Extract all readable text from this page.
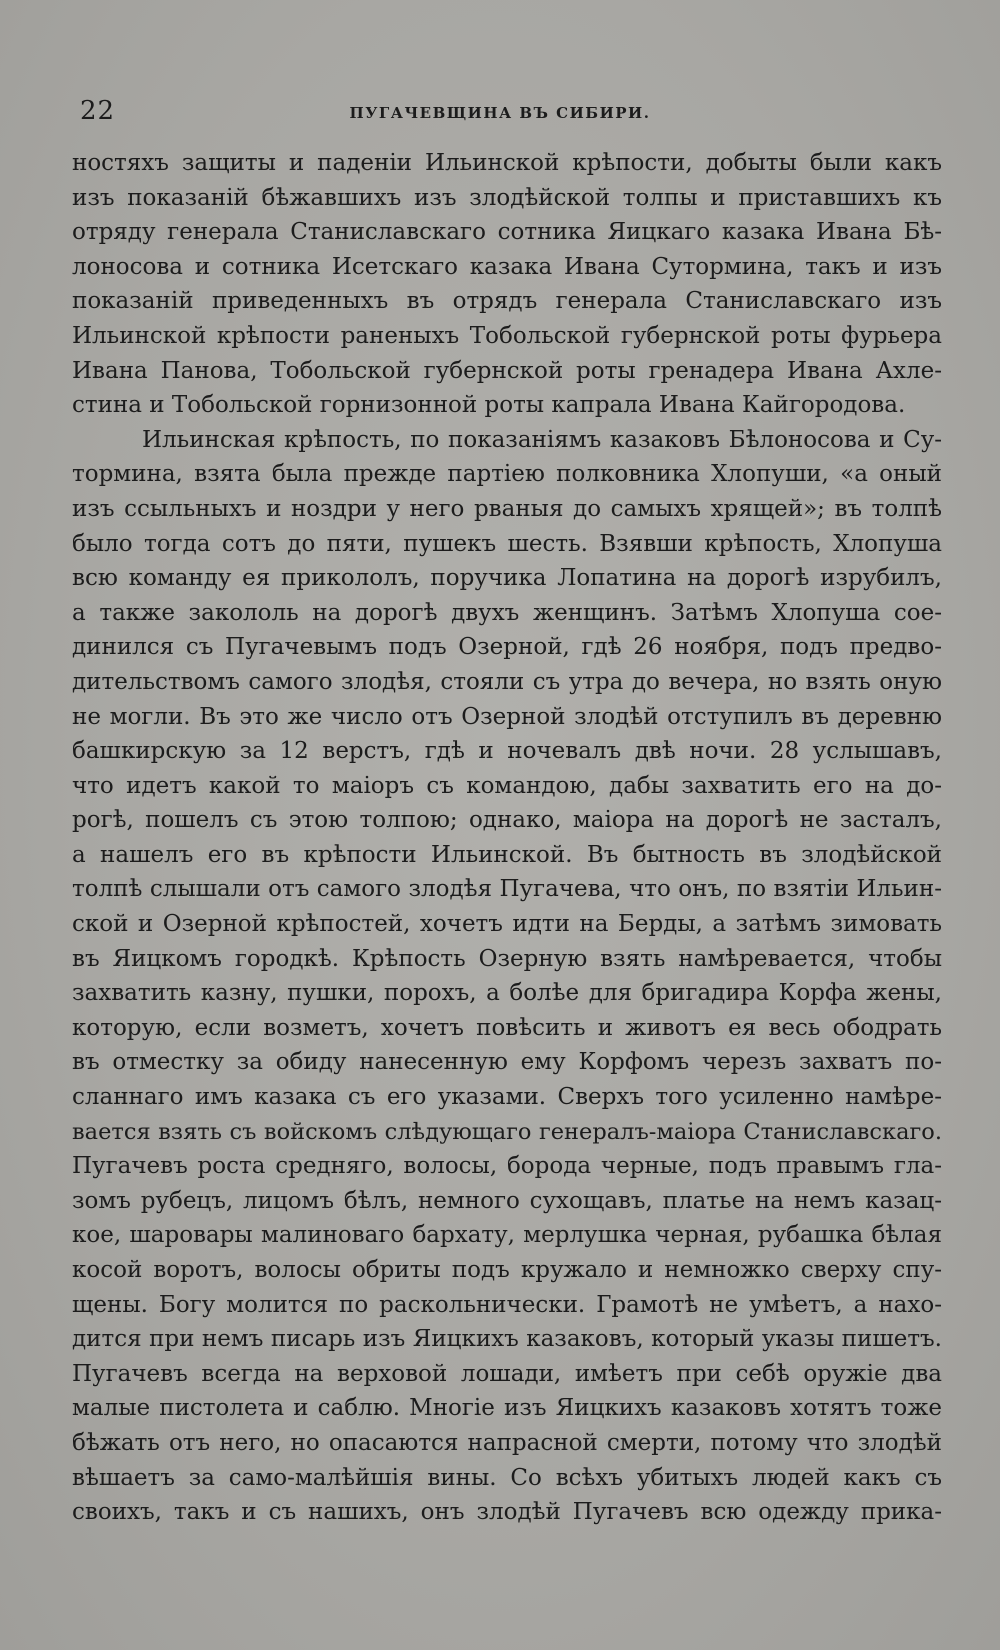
22	ПУГАЧЕВЩИНА ВЪ СИБИРИ.
ностяхъ защиты и паденіи Ильинской крѣпости, добыты были какъ
изъ показаній бѣжавшихъ изъ злодѣйской толпы и приставшихъ къ
отряду генерала Станиславскаго сотника Яицкаго казака Ивана Бѣ-
лоносова и сотника Исетскаго казака Ивана Сутормина, такъ и изъ
показаній приведенныхъ въ отрядъ генерала Станиславскаго изъ
Ильинской крѣпости раненыхъ Тобольской губернской роты фурьера
Ивана Панова, Тобольской губернской роты гренадера Ивана Ахле-
стина и Тобольской горнизонной роты капрала Ивана Кайгородова.
Ильинская крѣпость, по показаніямъ казаковъ Бѣлоносова и Су-
тормина, взята была прежде партіею полковника Хлопуши, «а оный
изъ ссыльныхъ и ноздри у него рваныя до самыхъ хрящей»; въ толпѣ
было тогда сотъ до пяти, пушекъ шесть. Взявши крѣпость, Хлопуша
всю команду ея прикололъ, поручика Лопатина на дорогѣ изрубилъ,
а также закололь на дорогѣ двухъ женщинъ. Затѣмъ Хлопуша сое-
динился съ Пугачевымъ подъ Озерной, гдѣ 26 ноября, подъ предво-
дительствомъ самого злодѣя, стояли съ утра до вечера, но взять оную
не могли. Въ это же число отъ Озерной злодѣй отступилъ въ деревню
башкирскую за 12 верстъ, гдѣ и ночевалъ двѣ ночи. 28 услышавъ,
что идетъ какой то маіоръ съ командою, дабы захватить его на до-
рогѣ, пошелъ съ этою толпою; однако, маіора на дорогѣ не засталъ,
а нашелъ его въ крѣпости Ильинской. Въ бытность въ злодѣйской
толпѣ слышали отъ самого злодѣя Пугачева, что онъ, по взятіи Ильин-
ской и Озерной крѣпостей, хочетъ идти на Берды, а затѣмъ зимовать
въ Яицкомъ городкѣ. Крѣпость Озерную взять намѣревается, чтобы
захватить казну, пушки, порохъ, а болѣе для бригадира Корфа жены,
которую, если возметъ, хочетъ повѣсить и животъ ея весь ободрать
въ отместку за обиду нанесенную ему Корфомъ черезъ захватъ по-
сланнаго имъ казака съ его указами. Сверхъ того усиленно намѣре-
вается взять съ войскомъ слѣдующаго генералъ-маіора Станиславскаго.
Пугачевъ роста средняго, волосы, борода черные, подъ правымъ гла-
зомъ рубецъ, лицомъ бѣлъ, немного сухощавъ, платье на немъ казац-
кое, шаровары малиноваго бархату, мерлушка черная, рубашка бѣлая
косой воротъ, волосы обриты подъ кружало и немножко сверху спу-
щены. Богу молится по раскольнически. Грамотѣ не умѣетъ, а нахо-
дится при немъ писарь изъ Яицкихъ казаковъ, который указы пишетъ.
Пугачевъ всегда на верховой лошади, имѣетъ при себѣ оружіе два
малые пистолета и саблю. Многіе изъ Яицкихъ казаковъ хотятъ тоже
бѣжать отъ него, но опасаются напрасной смерти, потому что злодѣй
вѣшаетъ за само-малѣйшія вины. Со всѣхъ убитыхъ людей какъ съ
своихъ, такъ и съ нашихъ, онъ злодѣй Пугачевъ всю одежду прика-
